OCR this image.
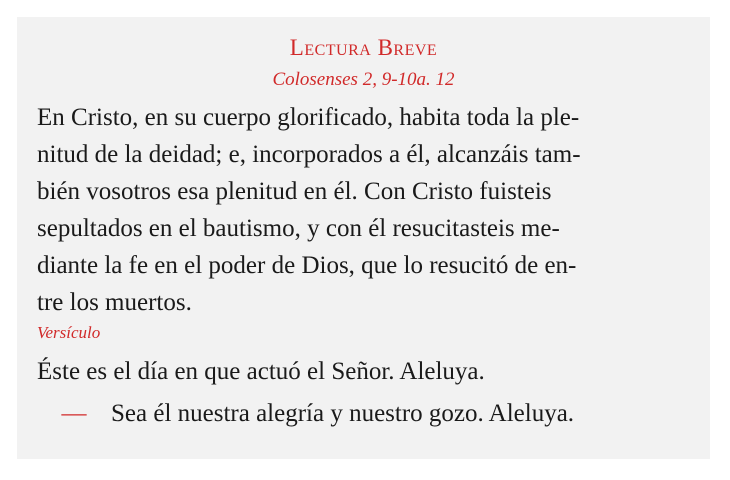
Lectura Breve
Colosenses 2, 9-10a. 12

En Cristo, en su cuerpo glorificado, habita toda la ple-
nitud de la deidad; e, incorporados a él, alcanzáis tam-
bién vosotros esa plenitud en él. Con Cristo fuisteis
sepultados en el bautismo, y con él resucitasteis me-
diante la fe en el poder de Dios, que lo resucitó de en-
tre los muertos.

Versículo
Éste es el día en que actuó el Señor. Aleluya.
— Sea él nuestra alegría y nuestro gozo. Aleluya.
